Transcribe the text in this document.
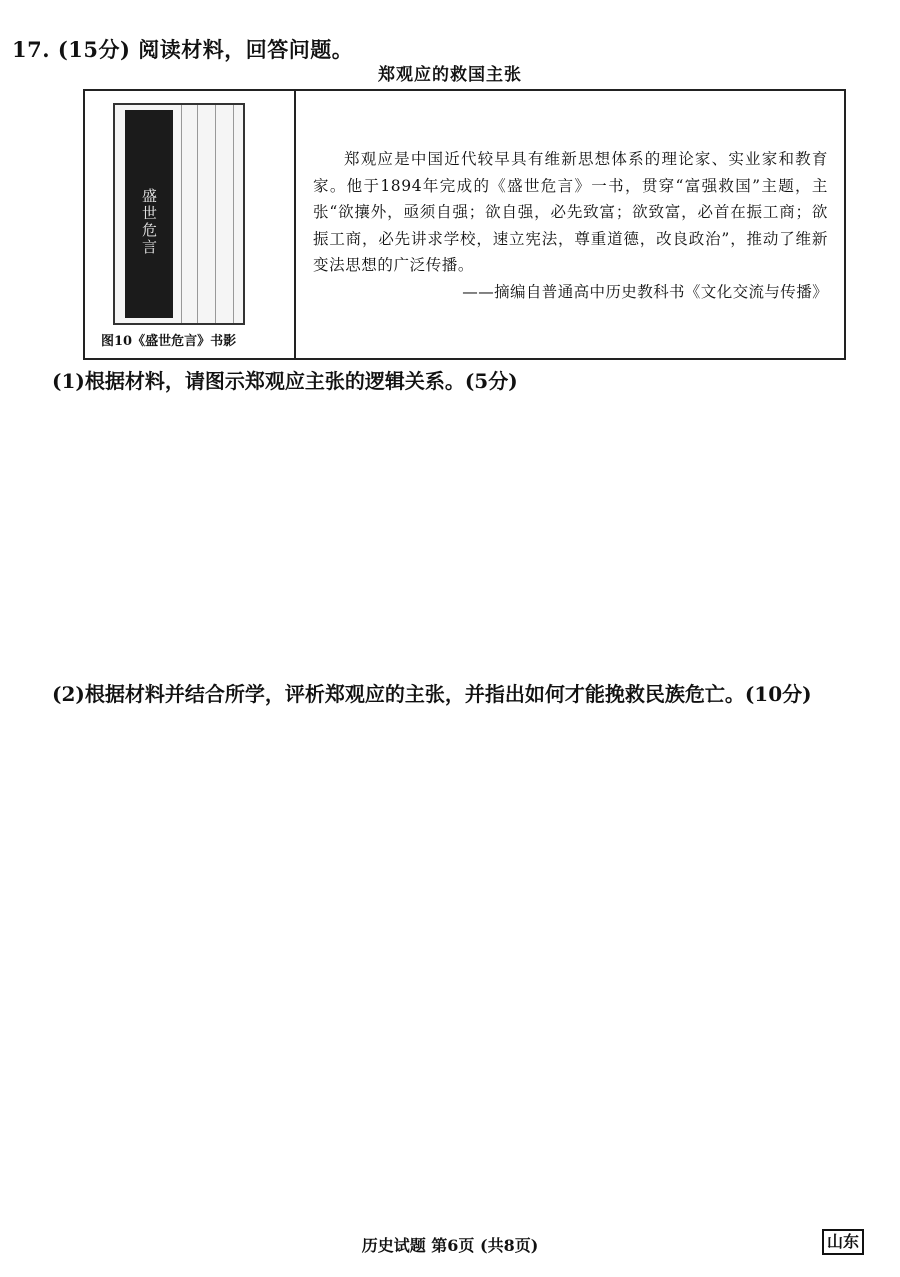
17. (15分) 阅读材料，回答问题。
郑观应的救国主张
盛世危言
图10《盛世危言》书影

郑观应是中国近代较早具有维新思想体系的理论家、实业家和教育家。他于1894年完成的《盛世危言》一书，贯穿“富强救国”主题，主张“欲攘外，亟须自强；欲自强，必先致富；欲致富，必首在振工商；欲振工商，必先讲求学校，速立宪法，尊重道德，改良政治”，推动了维新变法思想的广泛传播。

——摘编自普通高中历史教科书《文化交流与传播》

(1)根据材料，请图示郑观应主张的逻辑关系。(5分)
(2)根据材料并结合所学，评析郑观应的主张，并指出如何才能挽救民族危亡。(10分)
历史试题 第6页 (共8页)	山东
